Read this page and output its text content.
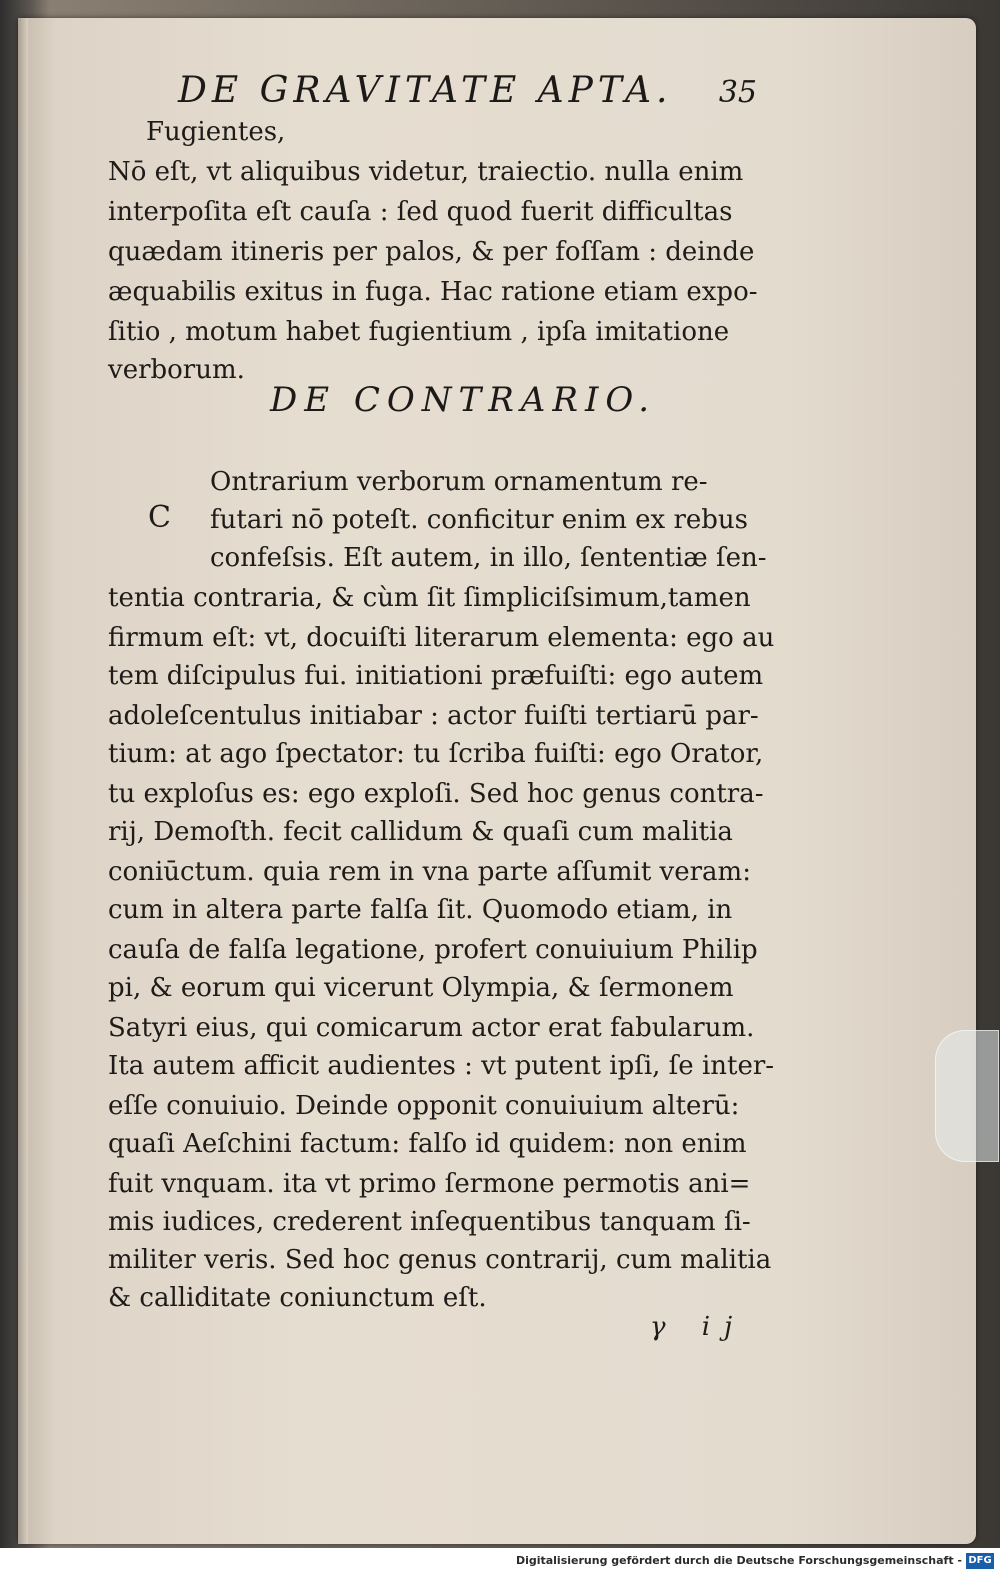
DE GRAVITATE APTA. 35
Fugientes,
Nō eſt, vt aliquibus videtur, traiectio. nulla enim
interpoſita eſt cauſa : ſed quod fuerit difficultas
quædam itineris per palos, & per foſſam : deinde
æquabilis exitus in fuga. Hac ratione etiam expo-
ſitio , motum habet fugientium , ipſa imitatione
verborum.
DE CONTRARIO.
C
Ontrarium verborum ornamentum re-
futari nō poteſt. conficitur enim ex rebus
confeſsis. Eſt autem, in illo, ſententiæ ſen-
tentia contraria, & cùm ſit ſimpliciſsimum,tamen
firmum eſt: vt, docuiſti literarum elementa: ego au
tem diſcipulus fui. initiationi præfuiſti: ego autem
adoleſcentulus initiabar : actor fuiſti tertiarū par-
tium: at ago ſpectator: tu ſcriba fuiſti: ego Orator,
tu exploſus es: ego exploſi. Sed hoc genus contra-
rij, Demoſth. fecit callidum & quaſi cum malitia
coniūctum. quia rem in vna parte aſſumit veram:
cum in altera parte falſa ſit. Quomodo etiam, in
cauſa de falſa legatione, profert conuiuium Philip
pi, & eorum qui vicerunt Olympia, & ſermonem
Satyri eius, qui comicarum actor erat fabularum.
Ita autem afficit audientes : vt putent ipſi, ſe inter-
eſſe conuiuio. Deinde opponit conuiuium alterū:
quaſi Aeſchini factum: falſo id quidem: non enim
fuit vnquam. ita vt primo ſermone permotis ani=
mis iudices, crederent inſequentibus tanquam ſi-
militer veris. Sed hoc genus contrarij, cum malitia
& calliditate coniunctum eſt.
γ ij
Digitalisierung gefördert durch die Deutsche Forschungsgemeinschaft - DFG
